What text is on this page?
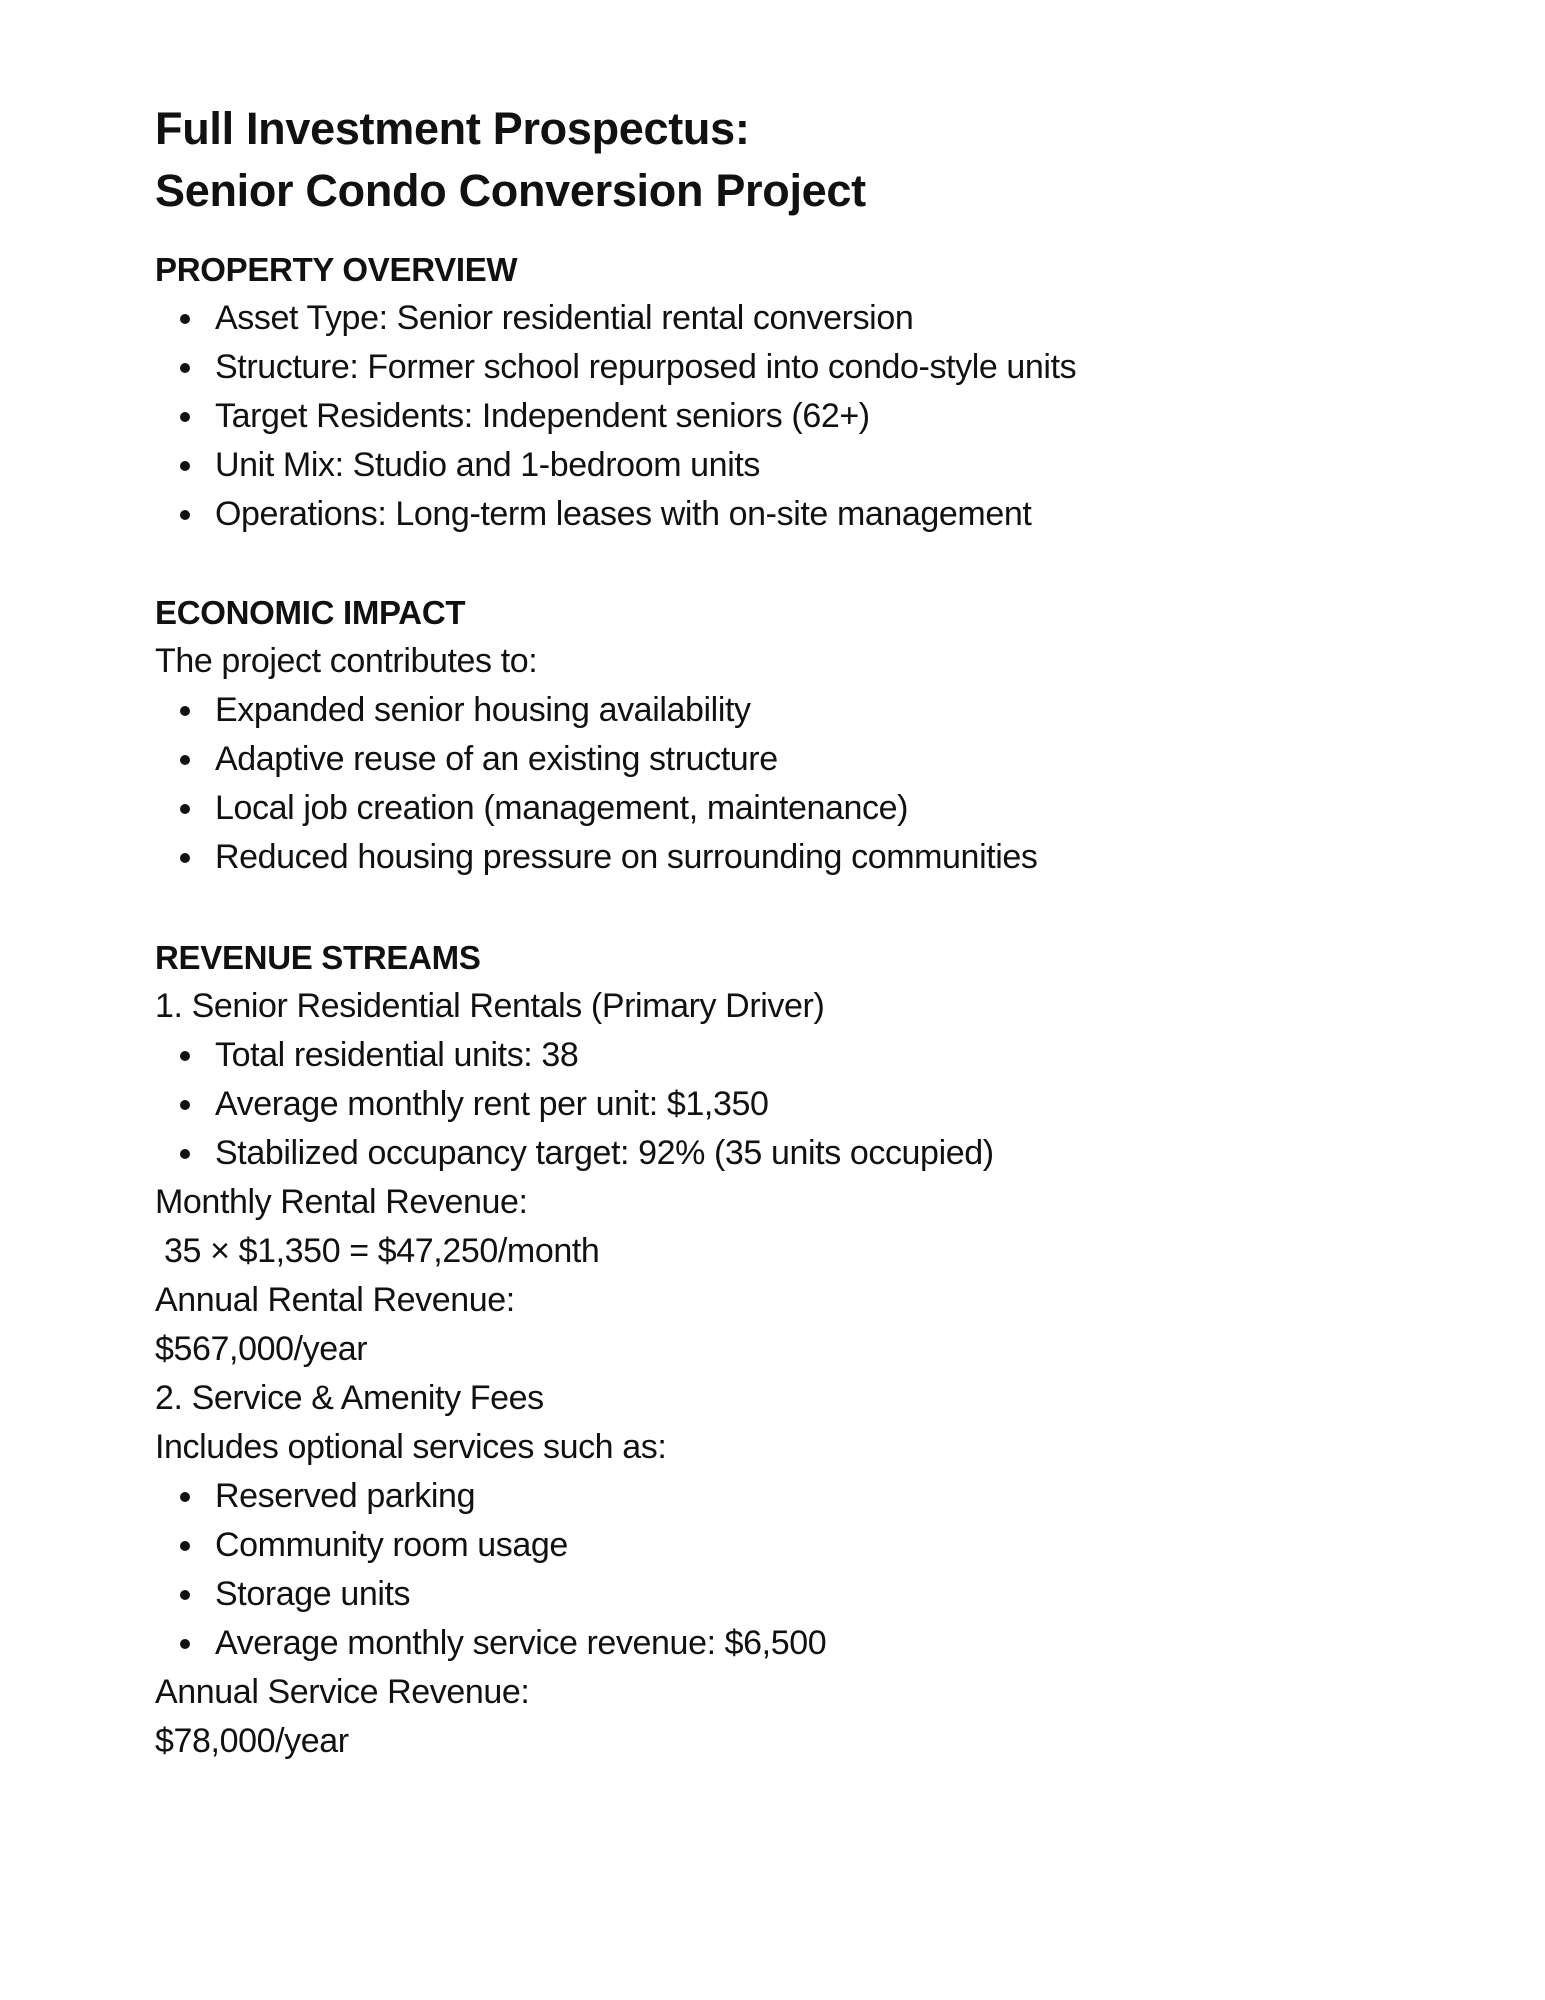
Full Investment Prospectus:
Senior Condo Conversion Project
PROPERTY OVERVIEW
Asset Type: Senior residential rental conversion
Structure: Former school repurposed into condo-style units
Target Residents: Independent seniors (62+)
Unit Mix: Studio and 1-bedroom units
Operations: Long-term leases with on-site management
ECONOMIC IMPACT
The project contributes to:
Expanded senior housing availability
Adaptive reuse of an existing structure
Local job creation (management, maintenance)
Reduced housing pressure on surrounding communities
REVENUE STREAMS
1. Senior Residential Rentals (Primary Driver)
Total residential units: 38
Average monthly rent per unit: $1,350
Stabilized occupancy target: 92% (35 units occupied)
Monthly Rental Revenue:
35 × $1,350 = $47,250/month
Annual Rental Revenue:
$567,000/year
2. Service & Amenity Fees
Includes optional services such as:
Reserved parking
Community room usage
Storage units
Average monthly service revenue: $6,500
Annual Service Revenue:
$78,000/year
